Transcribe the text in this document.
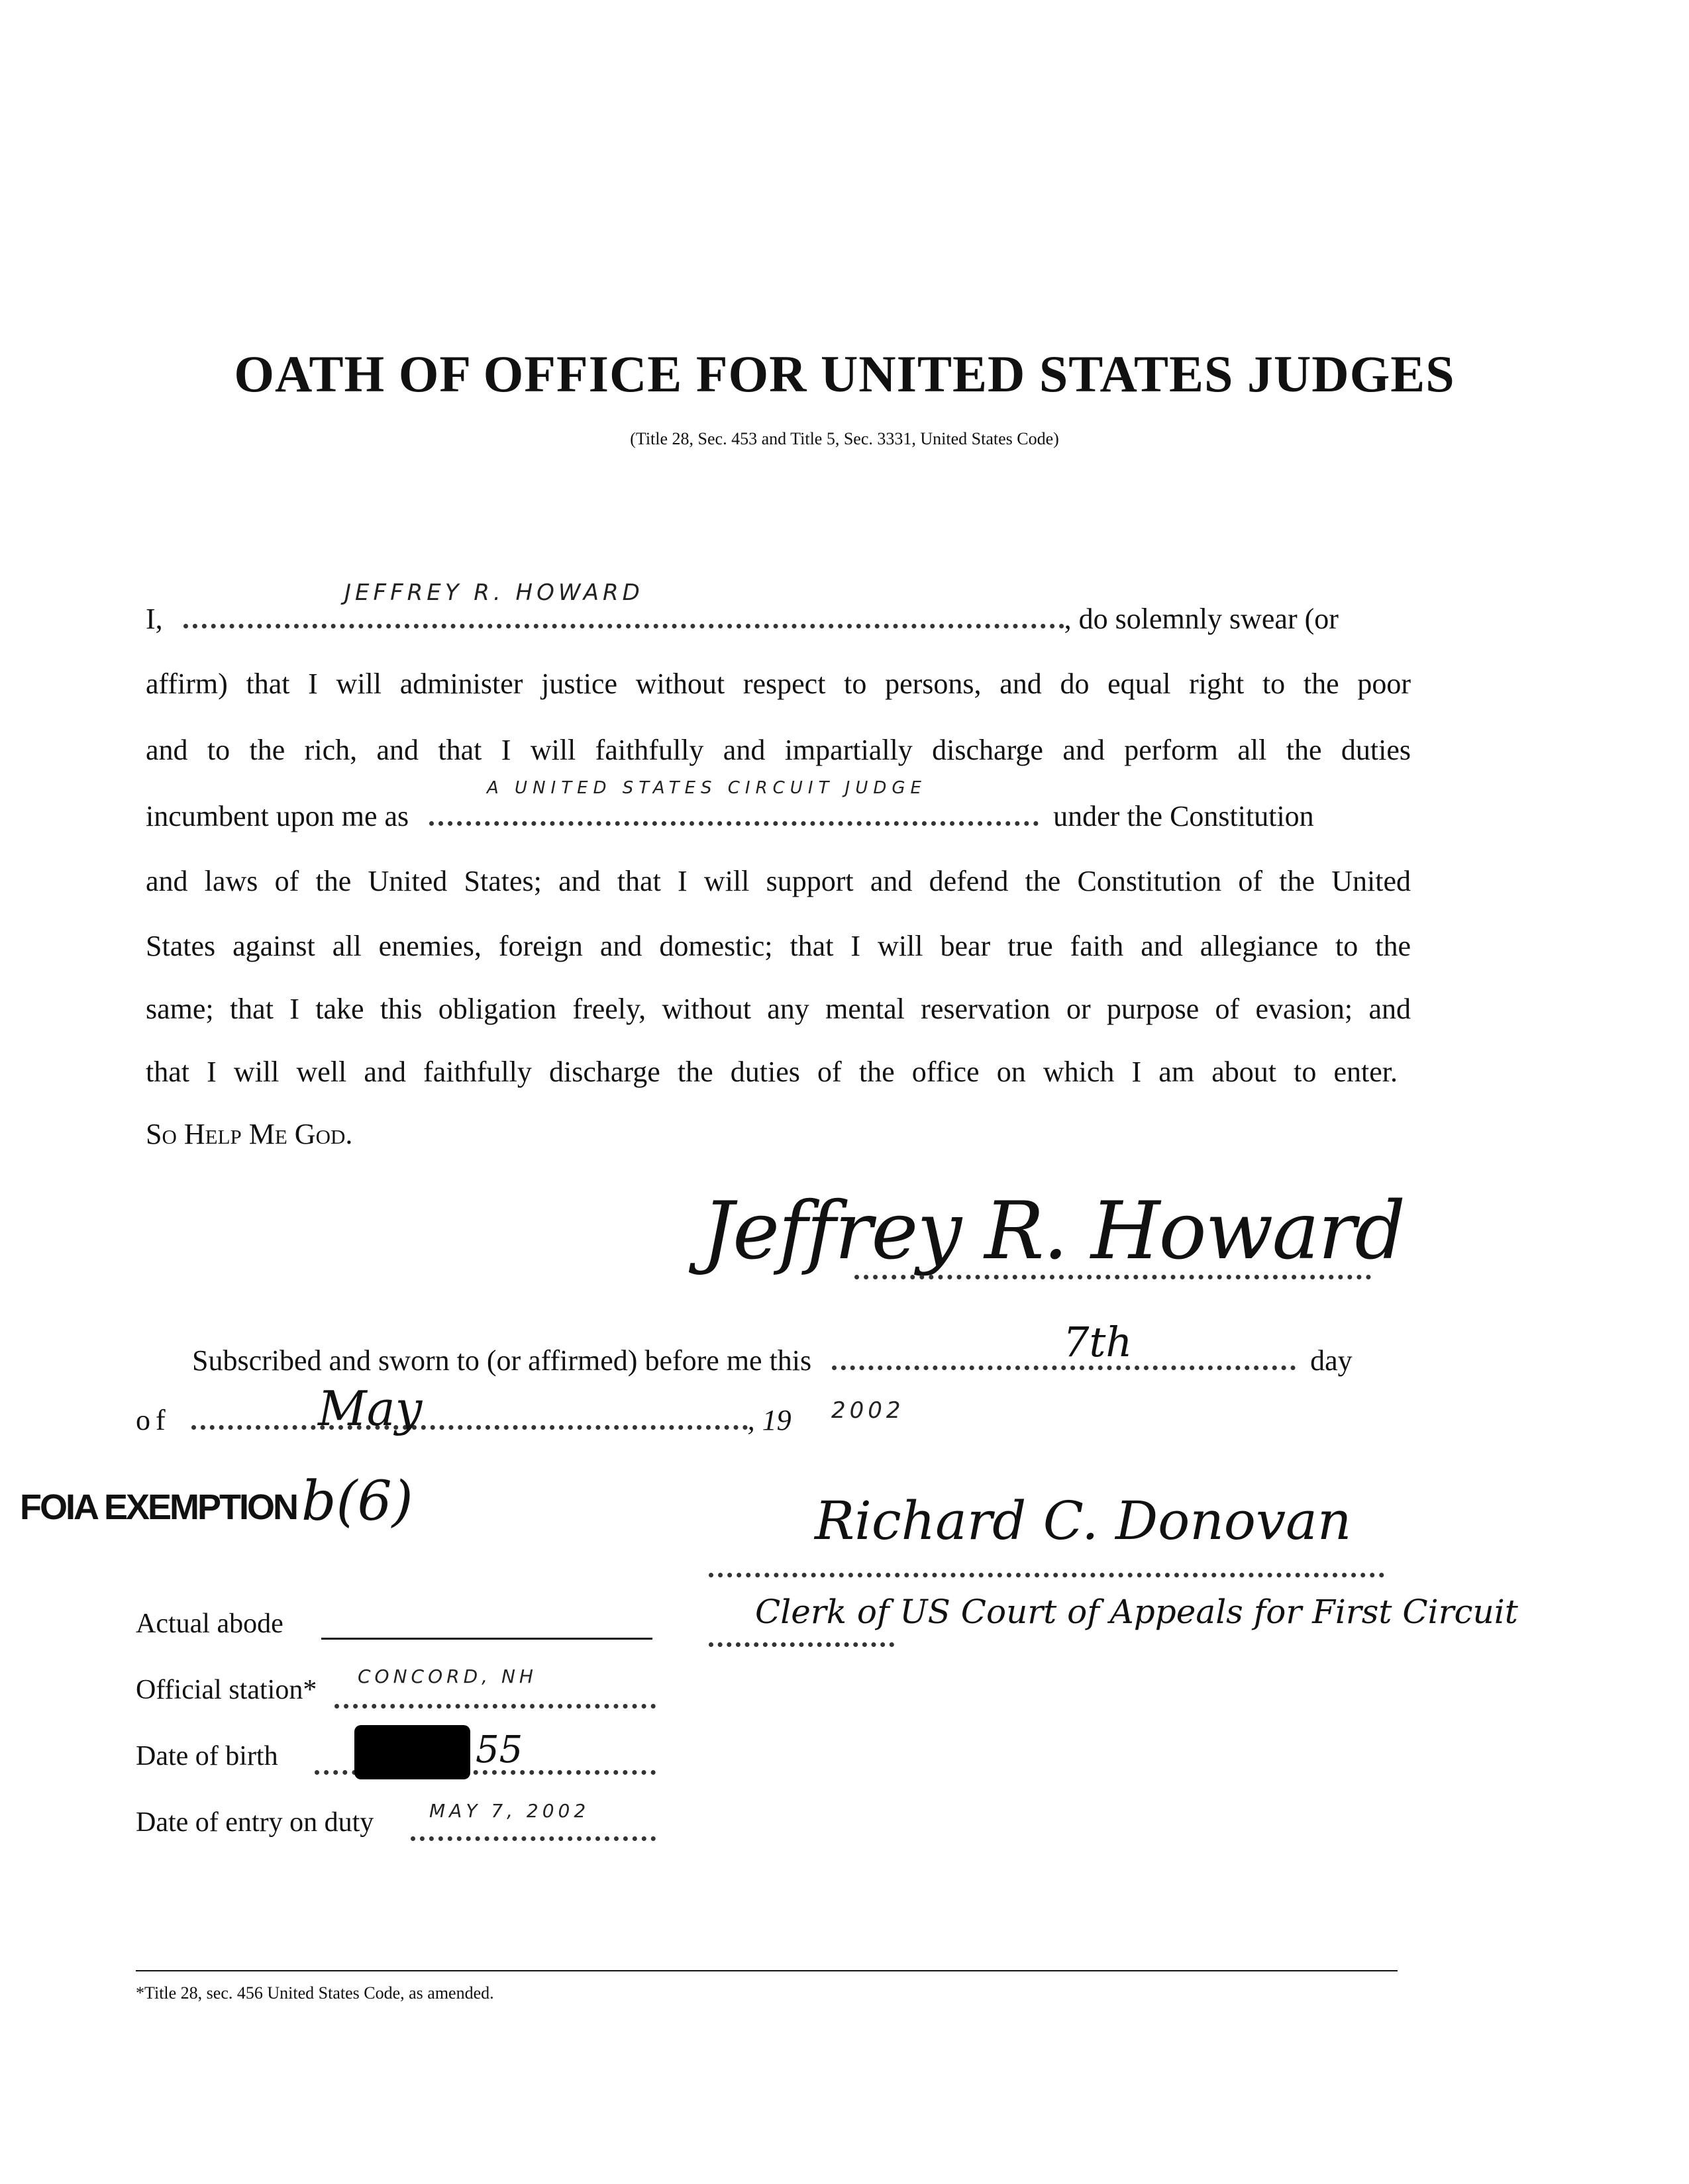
OATH OF OFFICE FOR UNITED STATES JUDGES
(Title 28, Sec. 453 and Title 5, Sec. 3331, United States Code)
I,	, do solemnly swear (or
JEFFREY R. HOWARD
affirm) that I will administer justice without respect to persons, and do equal right to the poor
and to the rich, and that I will faithfully and impartially discharge and perform all the duties
incumbent upon me as	under the Constitution
A UNITED STATES CIRCUIT JUDGE
and laws of the United States; and that I will support and defend the Constitution of the United
States against all enemies, foreign and domestic; that I will bear true faith and allegiance to the
same; that I take this obligation freely, without any mental reservation or purpose of evasion; and
that I will well and faithfully discharge the duties of the office on which I am about to enter.
So Help Me God.
Jeffrey R. Howard
Subscribed and sworn to (or affirmed) before me this	day
7th
of	, 19
May	2002
FOIA EXEMPTION b(6)	Richard C. Donovan
Clerk of US Court of Appeals for First Circuit
Actual abode
Official station* CONCORD, NH
Date of birth	55
Date of entry on duty	MAY 7, 2002
*Title 28, sec. 456 United States Code, as amended.
